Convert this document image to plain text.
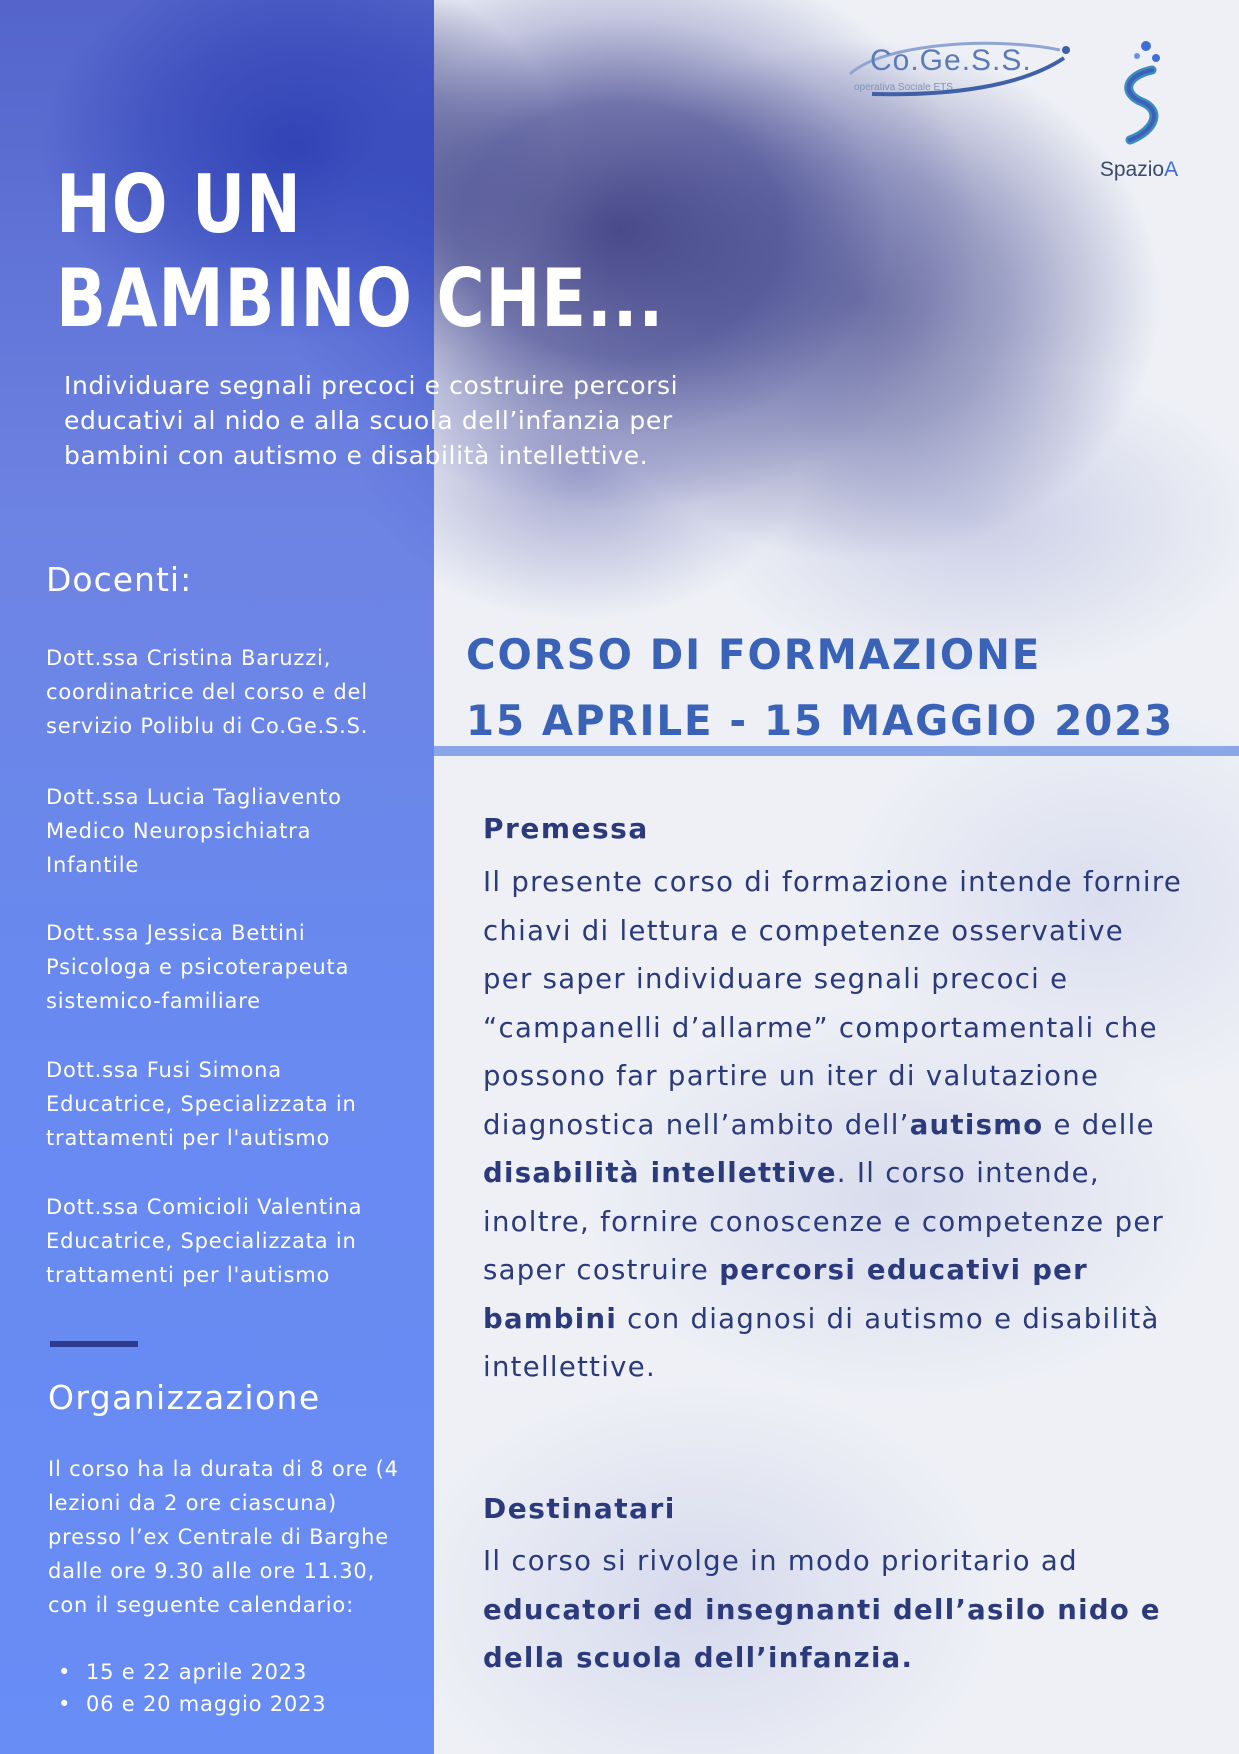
Co.Ge.S.S.
operativa Sociale ETS
SpazioA
HO UN
BAMBINO CHE...
Individuare segnali precoci e costruire percorsi educativi al nido e alla scuola dell’infanzia per bambini con autismo e disabilità intellettive.
Docenti:
Dott.ssa Cristina Baruzzi,
coordinatrice del corso e del servizio Poliblu di Co.Ge.S.S.
Dott.ssa Lucia Tagliavento
Medico Neuropsichiatra Infantile
Dott.ssa Jessica Bettini
Psicologa e psicoterapeuta sistemico-familiare
Dott.ssa Fusi Simona
Educatrice, Specializzata in trattamenti per l'autismo
Dott.ssa Comicioli Valentina
Educatrice, Specializzata in trattamenti per l'autismo
Organizzazione
Il corso ha la durata di 8 ore (4 lezioni da 2 ore ciascuna) presso l’ex Centrale di Barghe dalle ore 9.30 alle ore 11.30, con il seguente calendario:
• 15 e 22 aprile 2023
• 06 e 20 maggio 2023
CORSO DI FORMAZIONE
15 APRILE - 15 MAGGIO 2023
Premessa
Il presente corso di formazione intende fornire chiavi di lettura e competenze osservative per saper individuare segnali precoci e “campanelli d’allarme” comportamentali che possono far partire un iter di valutazione diagnostica nell’ambito dell’autismo e delle disabilità intellettive. Il corso intende, inoltre, fornire conoscenze e competenze per saper costruire percorsi educativi per bambini con diagnosi di autismo e disabilità intellettive.
Destinatari
Il corso si rivolge in modo prioritario ad educatori ed insegnanti dell’asilo nido e della scuola dell’infanzia.
